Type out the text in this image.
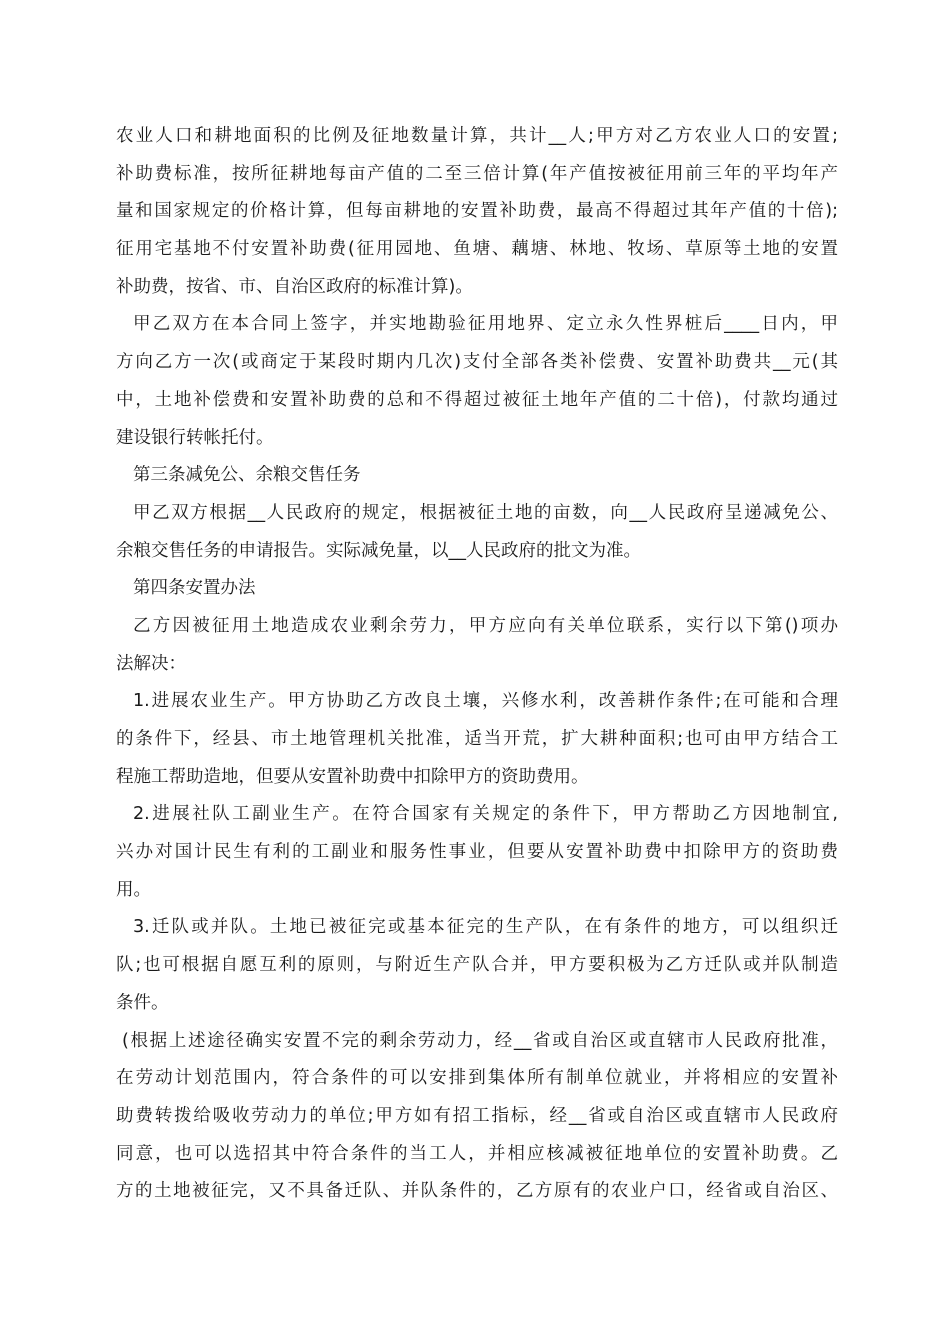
农业人口和耕地面积的比例及征地数量计算，共计__人;甲方对乙方农业人口的安置;
补助费标准，按所征耕地每亩产值的二至三倍计算(年产值按被征用前三年的平均年产
量和国家规定的价格计算，但每亩耕地的安置补助费，最高不得超过其年产值的十倍);
征用宅基地不付安置补助费(征用园地、鱼塘、藕塘、林地、牧场、草原等土地的安置
补助费，按省、市、自治区政府的标准计算)。
甲乙双方在本合同上签字，并实地勘验征用地界、定立永久性界桩后____日内，甲
方向乙方一次(或商定于某段时期内几次)支付全部各类补偿费、安置补助费共__元(其
中，土地补偿费和安置补助费的总和不得超过被征土地年产值的二十倍)，付款均通过
建设银行转帐托付。
第三条减免公、余粮交售任务
甲乙双方根据__人民政府的规定，根据被征土地的亩数，向__人民政府呈递减免公、
余粮交售任务的申请报告。实际减免量，以__人民政府的批文为准。
第四条安置办法
乙方因被征用土地造成农业剩余劳力，甲方应向有关单位联系，实行以下第()项办
法解决：
1.进展农业生产。甲方协助乙方改良土壤，兴修水利，改善耕作条件;在可能和合理
的条件下，经县、市土地管理机关批准，适当开荒，扩大耕种面积;也可由甲方结合工
程施工帮助造地，但要从安置补助费中扣除甲方的资助费用。
2.进展社队工副业生产。在符合国家有关规定的条件下，甲方帮助乙方因地制宜,
兴办对国计民生有利的工副业和服务性事业，但要从安置补助费中扣除甲方的资助费
用。
3.迁队或并队。土地已被征完或基本征完的生产队，在有条件的地方，可以组织迁
队;也可根据自愿互利的原则，与附近生产队合并，甲方要积极为乙方迁队或并队制造
条件。
(根据上述途径确实安置不完的剩余劳动力，经__省或自治区或直辖市人民政府批准，
在劳动计划范围内，符合条件的可以安排到集体所有制单位就业，并将相应的安置补
助费转拨给吸收劳动力的单位;甲方如有招工指标，经__省或自治区或直辖市人民政府
同意，也可以选招其中符合条件的当工人，并相应核减被征地单位的安置补助费。乙
方的土地被征完，又不具备迁队、并队条件的，乙方原有的农业户口，经省或自治区、
